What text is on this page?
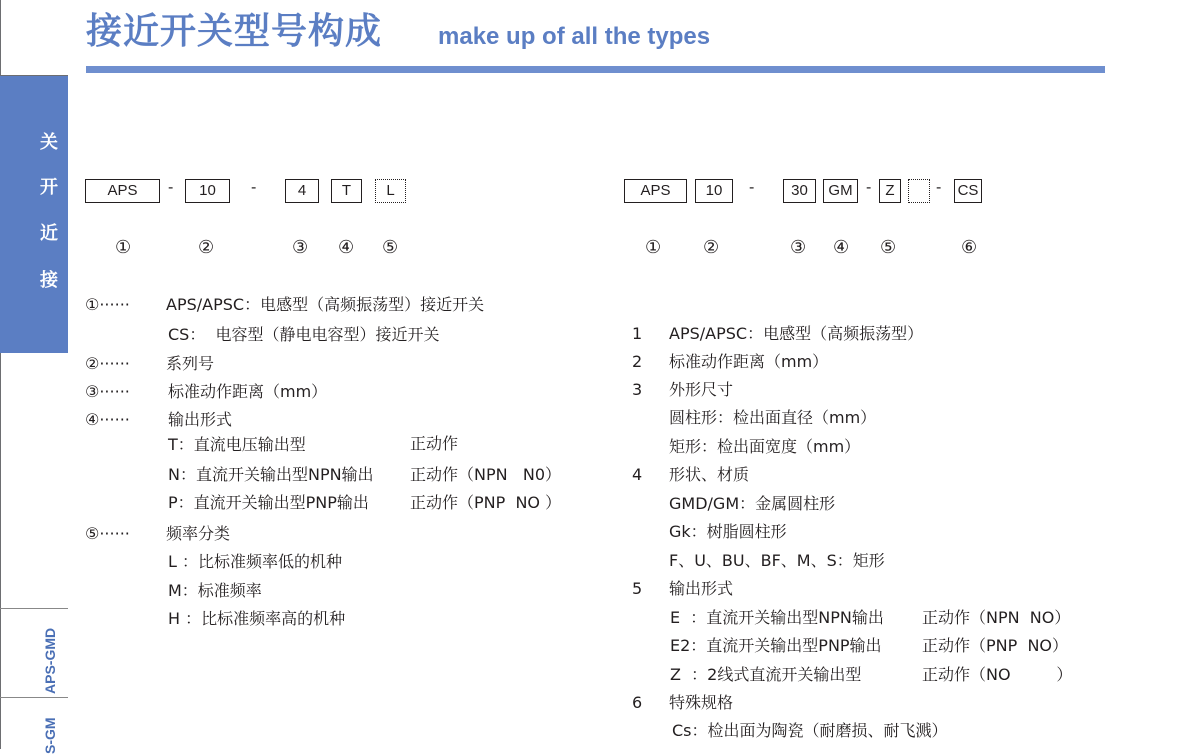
关
开
近
接
APS-GMD
S-GM
接近开关型号构成 make up of all the types
APS	-	10	-	4	T	L
①	②	③ ④ ⑤
APS	10	-	30	GM - Z	- CS
① ②	③ ④ ⑤	⑥
①······ APS/APSC：电感型（高频振荡型）接近开关
CS：  电容型（静电电容型）接近开关
②······ 系列号
③······ 标准动作距离（mm）
④······ 输出形式
T：直流电压输出型	正动作
N：直流开关输出型NPN输出 正动作（NPN   N0）
P：直流开关输出型PNP输出	正动作（PNP  NO ）
⑤······ 频率分类
L ：比标准频率低的机种
M：标准频率
H ：比标准频率高的机种
1 APS/APSC：电感型（高频振荡型）
2 标准动作距离（mm）
3 外形尺寸
圆柱形：检出面直径（mm）
矩形：检出面宽度（mm）
4 形状、材质
GMD/GM：金属圆柱形
Gk：树脂圆柱形
F、U、BU、BF、M、S：矩形
5 输出形式
E  ：直流开关输出型NPN输出 正动作（NPN  NO）
E2：直流开关输出型PNP输出	正动作（PNP  NO）
Z  ：2线式直流开关输出型	正动作（NO         ）
6 特殊规格
Cs：检出面为陶瓷（耐磨损、耐飞溅）
